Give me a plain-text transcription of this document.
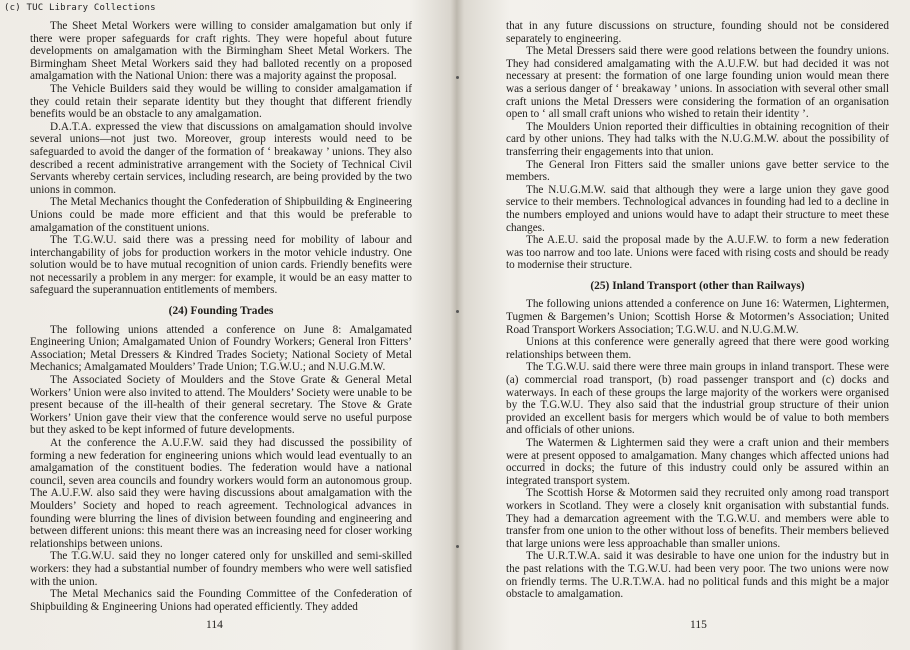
(c) TUC Library Collections

The Sheet Metal Workers were willing to consider amalgamation but only if there were proper safeguards for craft rights. They were hopeful about future developments on amalgamation with the Birmingham Sheet Metal Workers. The Birmingham Sheet Metal Workers said they had balloted recently on a proposed amalgamation with the National Union: there was a majority against the proposal.

The Vehicle Builders said they would be willing to consider amalgamation if they could retain their separate identity but they thought that different friendly benefits would be an obstacle to any amalgamation.

D.A.T.A. expressed the view that discussions on amalgamation should involve several unions—not just two. Moreover, group interests would need to be safeguarded to avoid the danger of the formation of ‘ breakaway ’ unions. They also described a recent administrative arrangement with the Society of Technical Civil Servants whereby certain services, including research, are being provided by the two unions in common.

The Metal Mechanics thought the Confederation of Shipbuilding & Engineering Unions could be made more efficient and that this would be preferable to amalgamation of the constituent unions.

The T.G.W.U. said there was a pressing need for mobility of labour and interchangability of jobs for production workers in the motor vehicle industry. One solution would be to have mutual recognition of union cards. Friendly benefits were not necessarily a problem in any merger: for example, it would be an easy matter to safeguard the superannuation entitlements of members.

(24) Founding Trades

The following unions attended a conference on June 8: Amalgamated Engineering Union; Amalgamated Union of Foundry Workers; General Iron Fitters’ Association; Metal Dressers & Kindred Trades Society; National Society of Metal Mechanics; Amalgamated Moulders’ Trade Union; T.G.W.U.; and N.U.G.M.W.

The Associated Society of Moulders and the Stove Grate & General Metal Workers’ Union were also invited to attend. The Moulders’ Society were unable to be present because of the ill-health of their general secretary. The Stove & Grate Workers’ Union gave their view that the conference would serve no useful purpose but they asked to be kept informed of future developments.

At the conference the A.U.F.W. said they had discussed the possibility of forming a new federation for engineering unions which would lead eventually to an amalgamation of the constituent bodies. The federation would have a national council, seven area councils and foundry workers would form an autonomous group. The A.U.F.W. also said they were having discussions about amalgamation with the Moulders’ Society and hoped to reach agreement. Technological advances in founding were blurring the lines of division between founding and engineering and between different unions: this meant there was an increasing need for closer working relationships between unions.

The T.G.W.U. said they no longer catered only for unskilled and semi-skilled workers: they had a substantial number of foundry members who were well satisfied with the union.

The Metal Mechanics said the Founding Committee of the Confederation of Shipbuilding & Engineering Unions had operated efficiently. They added

114

that in any future discussions on structure, founding should not be considered separately to engineering.

The Metal Dressers said there were good relations between the foundry unions. They had considered amalgamating with the A.U.F.W. but had decided it was not necessary at present: the formation of one large founding union would mean there was a serious danger of ‘ breakaway ’ unions. In association with several other small craft unions the Metal Dressers were considering the formation of an organisation open to ‘ all small craft unions who wished to retain their identity ’.

The Moulders Union reported their difficulties in obtaining recognition of their card by other unions. They had talks with the N.U.G.M.W. about the possibility of transferring their engagements into that union.

The General Iron Fitters said the smaller unions gave better service to the members.

The N.U.G.M.W. said that although they were a large union they gave good service to their members. Technological advances in founding had led to a decline in the numbers employed and unions would have to adapt their structure to meet these changes.

The A.E.U. said the proposal made by the A.U.F.W. to form a new federation was too narrow and too late. Unions were faced with rising costs and should be ready to modernise their structure.

(25) Inland Transport (other than Railways)

The following unions attended a conference on June 16: Watermen, Lightermen, Tugmen & Bargemen’s Union; Scottish Horse & Motormen’s Association; United Road Transport Workers Association; T.G.W.U. and N.U.G.M.W.

Unions at this conference were generally agreed that there were good working relationships between them.

The T.G.W.U. said there were three main groups in inland transport. These were (a) commercial road transport, (b) road passenger transport and (c) docks and waterways. In each of these groups the large majority of the workers were organised by the T.G.W.U. They also said that the industrial group structure of their union provided an excellent basis for mergers which would be of value to both members and officials of other unions.

The Watermen & Lightermen said they were a craft union and their members were at present opposed to amalgamation. Many changes which affected unions had occurred in docks; the future of this industry could only be assured within an integrated transport system.

The Scottish Horse & Motormen said they recruited only among road transport workers in Scotland. They were a closely knit organisation with substantial funds. They had a demarcation agreement with the T.G.W.U. and members were able to transfer from one union to the other without loss of benefits. Their members believed that large unions were less approachable than smaller unions.

The U.R.T.W.A. said it was desirable to have one union for the industry but in the past relations with the T.G.W.U. had been very poor. The two unions were now on friendly terms. The U.R.T.W.A. had no political funds and this might be a major obstacle to amalgamation.

115
